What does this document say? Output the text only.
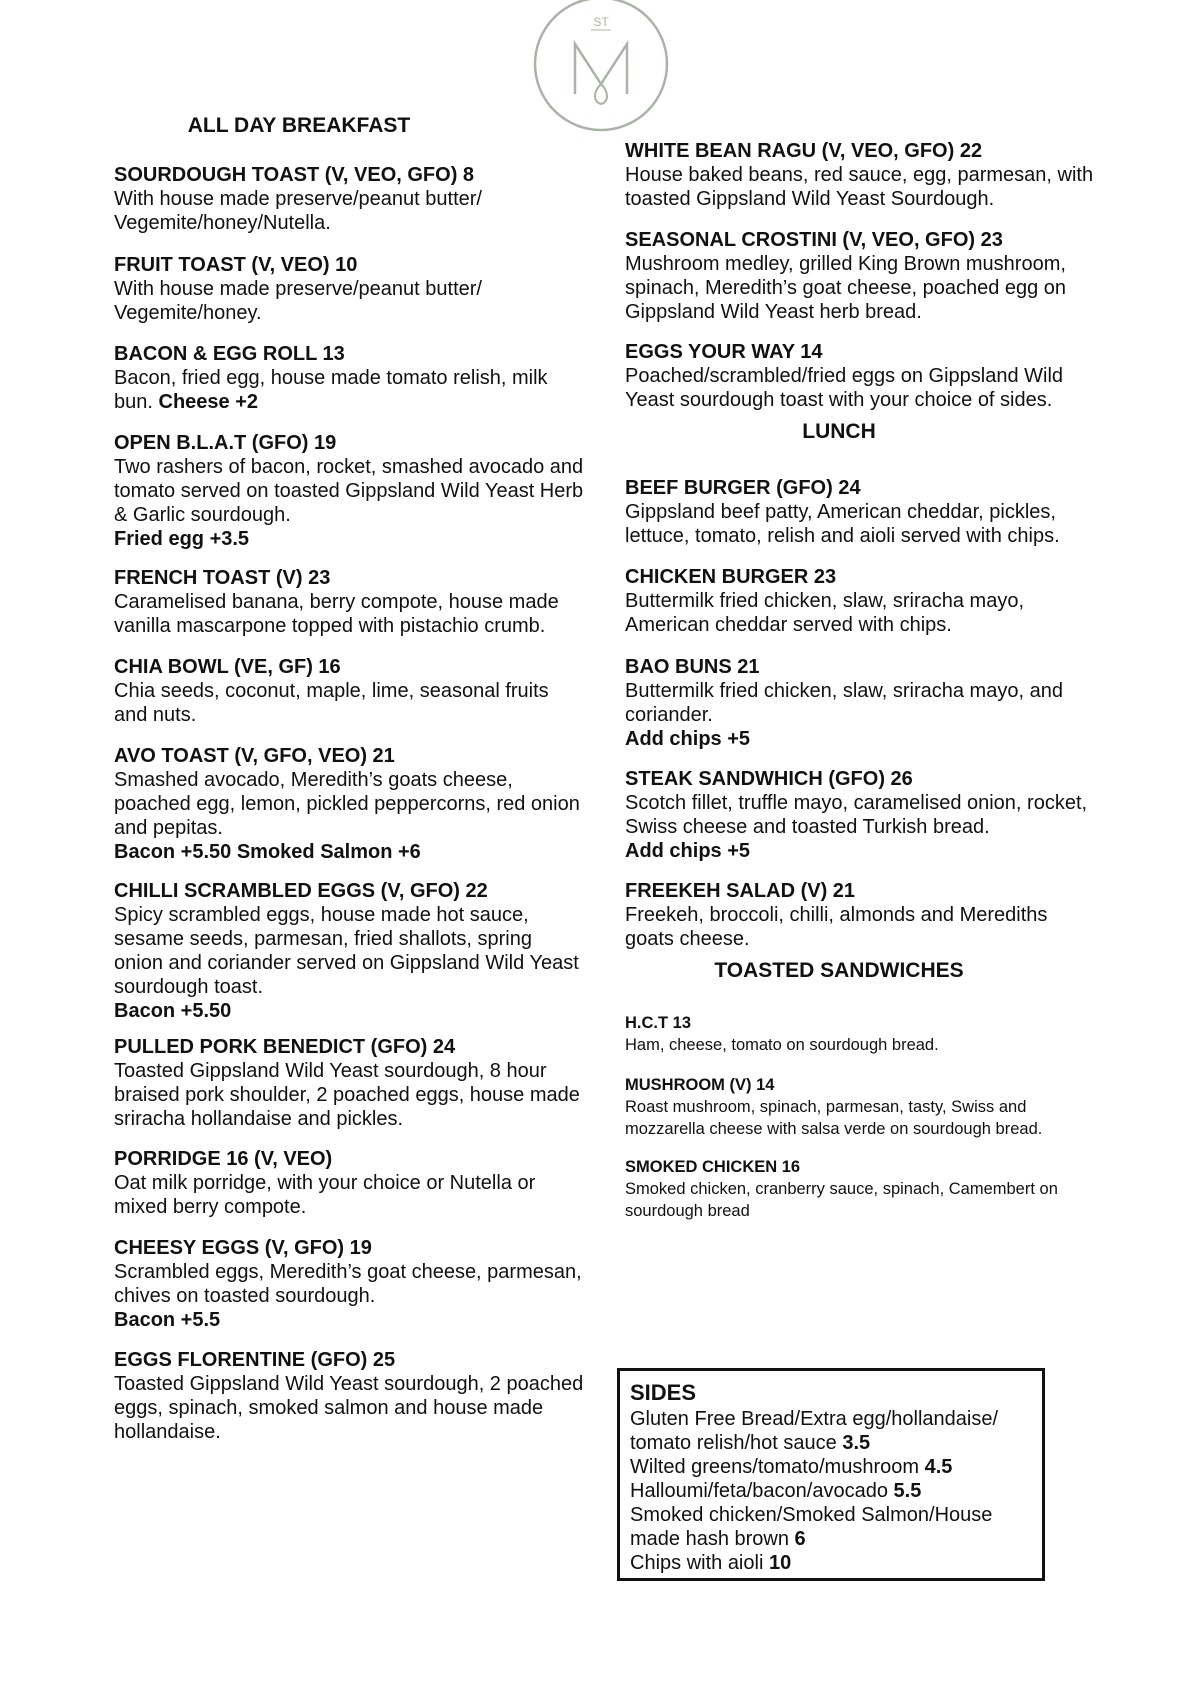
ST
ALL DAY BREAKFAST
SOURDOUGH TOAST (V, VEO, GFO) 8
With house made preserve/peanut butter/ Vegemite/honey/Nutella.
FRUIT TOAST (V, VEO) 10
With house made preserve/peanut butter/ Vegemite/honey.
BACON & EGG ROLL 13
Bacon, fried egg, house made tomato relish, milk bun. Cheese +2
OPEN B.L.A.T (GFO) 19
Two rashers of bacon, rocket, smashed avocado and tomato served on toasted Gippsland Wild Yeast Herb & Garlic sourdough.
Fried egg +3.5
FRENCH TOAST (V) 23
Caramelised banana, berry compote, house made vanilla mascarpone topped with pistachio crumb.
CHIA BOWL (VE, GF) 16
Chia seeds, coconut, maple, lime, seasonal fruits and nuts.
AVO TOAST (V, GFO, VEO) 21
Smashed avocado, Meredith’s goats cheese, poached egg, lemon, pickled peppercorns, red onion and pepitas.
Bacon +5.50 Smoked Salmon +6
CHILLI SCRAMBLED EGGS (V, GFO) 22
Spicy scrambled eggs, house made hot sauce, sesame seeds, parmesan, fried shallots, spring onion and coriander served on Gippsland Wild Yeast sourdough toast.
Bacon +5.50
PULLED PORK BENEDICT (GFO) 24
Toasted Gippsland Wild Yeast sourdough, 8 hour braised pork shoulder, 2 poached eggs, house made sriracha hollandaise and pickles.
PORRIDGE 16 (V, VEO)
Oat milk porridge, with your choice or Nutella or mixed berry compote.
CHEESY EGGS (V, GFO) 19
Scrambled eggs, Meredith’s goat cheese, parmesan, chives on toasted sourdough.
Bacon +5.5
EGGS FLORENTINE (GFO) 25
Toasted Gippsland Wild Yeast sourdough, 2 poached eggs, spinach, smoked salmon and house made hollandaise.
WHITE BEAN RAGU (V, VEO, GFO) 22
House baked beans, red sauce, egg, parmesan, with toasted Gippsland Wild Yeast Sourdough.
SEASONAL CROSTINI (V, VEO, GFO) 23
Mushroom medley, grilled King Brown mushroom, spinach, Meredith’s goat cheese, poached egg on Gippsland Wild Yeast herb bread.
EGGS YOUR WAY 14
Poached/scrambled/fried eggs on Gippsland Wild Yeast sourdough toast with your choice of sides.
LUNCH
BEEF BURGER (GFO) 24
Gippsland beef patty, American cheddar, pickles, lettuce, tomato, relish and aioli served with chips.
CHICKEN BURGER 23
Buttermilk fried chicken, slaw, sriracha mayo, American cheddar served with chips.
BAO BUNS 21
Buttermilk fried chicken, slaw, sriracha mayo, and coriander.
Add chips +5
STEAK SANDWHICH (GFO) 26
Scotch fillet, truffle mayo, caramelised onion, rocket, Swiss cheese and toasted Turkish bread.
Add chips +5
FREEKEH SALAD (V) 21
Freekeh, broccoli, chilli, almonds and Merediths goats cheese.
TOASTED SANDWICHES
H.C.T 13
Ham, cheese, tomato on sourdough bread.
MUSHROOM (V) 14
Roast mushroom, spinach, parmesan, tasty, Swiss and mozzarella cheese with salsa verde on sourdough bread.
SMOKED CHICKEN 16
Smoked chicken, cranberry sauce, spinach, Camembert on sourdough bread
SIDES
Gluten Free Bread/Extra egg/hollandaise/ tomato relish/hot sauce 3.5
Wilted greens/tomato/mushroom 4.5
Halloumi/feta/bacon/avocado 5.5
Smoked chicken/Smoked Salmon/House made hash brown 6
Chips with aioli 10
